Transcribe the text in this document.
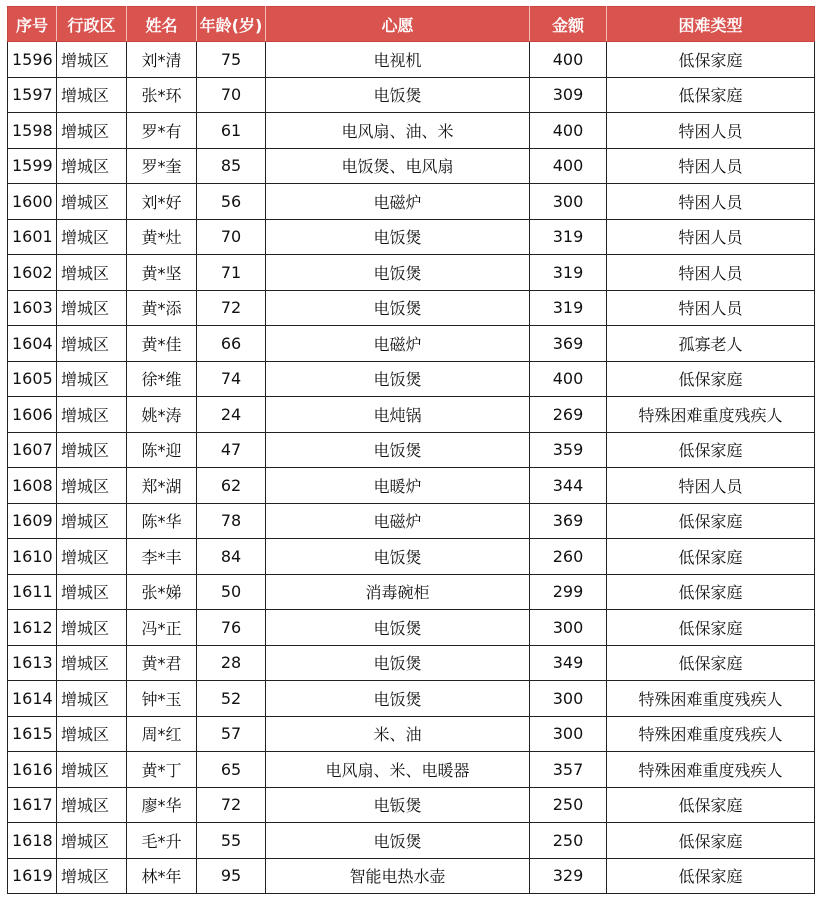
序号	行政区	姓名	年龄(岁)	心愿	金额	困难类型
1596	增城区	刘*清	75	电视机	400	低保家庭
1597	增城区	张*环	70	电饭煲	309	低保家庭
1598	增城区	罗*有	61	电风扇、油、米	400	特困人员
1599	增城区	罗*奎	85	电饭煲、电风扇	400	特困人员
1600	增城区	刘*好	56	电磁炉	300	特困人员
1601	增城区	黄*灶	70	电饭煲	319	特困人员
1602	增城区	黄*坚	71	电饭煲	319	特困人员
1603	增城区	黄*添	72	电饭煲	319	特困人员
1604	增城区	黄*佳	66	电磁炉	369	孤寡老人
1605	增城区	徐*维	74	电饭煲	400	低保家庭
1606	增城区	姚*涛	24	电炖锅	269	特殊困难重度残疾人
1607	增城区	陈*迎	47	电饭煲	359	低保家庭
1608	增城区	郑*湖	62	电暖炉	344	特困人员
1609	增城区	陈*华	78	电磁炉	369	低保家庭
1610	增城区	李*丰	84	电饭煲	260	低保家庭
1611	增城区	张*娣	50	消毒碗柜	299	低保家庭
1612	增城区	冯*正	76	电饭煲	300	低保家庭
1613	增城区	黄*君	28	电饭煲	349	低保家庭
1614	增城区	钟*玉	52	电饭煲	300	特殊困难重度残疾人
1615	增城区	周*红	57	米、油	300	特殊困难重度残疾人
1616	增城区	黄*丁	65	电风扇、米、电暖器	357	特殊困难重度残疾人
1617	增城区	廖*华	72	电钣煲	250	低保家庭
1618	增城区	毛*升	55	电饭煲	250	低保家庭
1619	增城区	林*年	95	智能电热水壶	329	低保家庭
